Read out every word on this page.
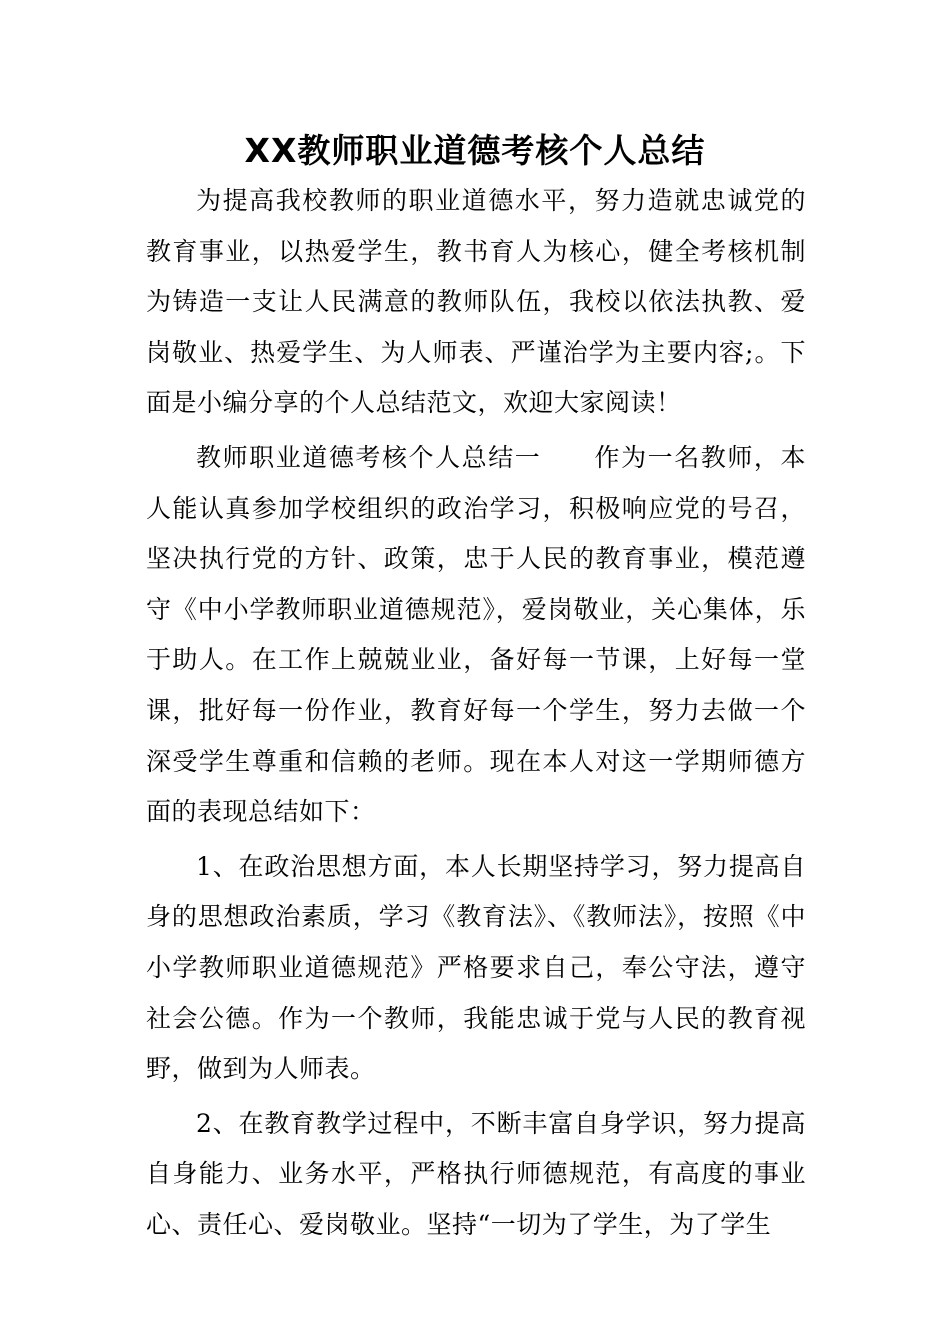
XX教师职业道德考核个人总结

为提高我校教师的职业道德水平，努力造就忠诚党的教育事业，以热爱学生，教书育人为核心，健全考核机制为铸造一支让人民满意的教师队伍，我校以依法执教、爱岗敬业、热爱学生、为人师表、严谨治学为主要内容;。下面是小编分享的个人总结范文，欢迎大家阅读！

教师职业道德考核个人总结一　　作为一名教师，本人能认真参加学校组织的政治学习，积极响应党的号召，坚决执行党的方针、政策，忠于人民的教育事业，模范遵守《中小学教师职业道德规范》，爱岗敬业，关心集体，乐于助人。在工作上兢兢业业，备好每一节课，上好每一堂课，批好每一份作业，教育好每一个学生，努力去做一个深受学生尊重和信赖的老师。现在本人对这一学期师德方面的表现总结如下：

1、在政治思想方面，本人长期坚持学习，努力提高自身的思想政治素质，学习《教育法》、《教师法》，按照《中小学教师职业道德规范》严格要求自己，奉公守法，遵守社会公德。作为一个教师，我能忠诚于党与人民的教育视野，做到为人师表。

2、在教育教学过程中，不断丰富自身学识，努力提高自身能力、业务水平，严格执行师德规范，有高度的事业心、责任心、爱岗敬业。坚持“一切为了学生，为了学生
